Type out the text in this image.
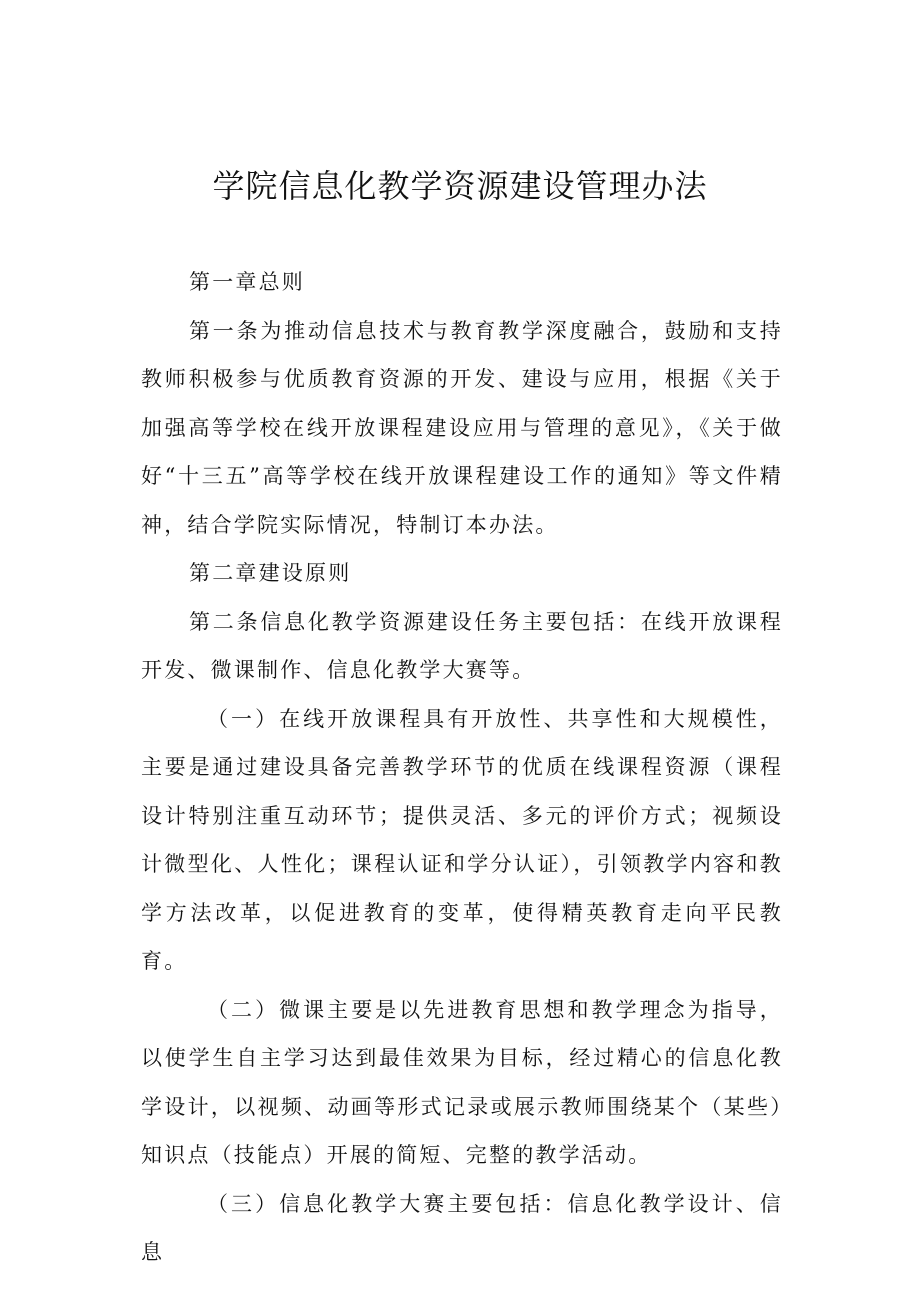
学院信息化教学资源建设管理办法

第一章总则

第一条为推动信息技术与教育教学深度融合，鼓励和支持教师积极参与优质教育资源的开发、建设与应用，根据《关于加强高等学校在线开放课程建设应用与管理的意见》，《关于做好“十三五”高等学校在线开放课程建设工作的通知》等文件精神，结合学院实际情况，特制订本办法。

第二章建设原则

第二条信息化教学资源建设任务主要包括：在线开放课程开发、微课制作、信息化教学大赛等。

（一）在线开放课程具有开放性、共享性和大规模性，主要是通过建设具备完善教学环节的优质在线课程资源（课程设计特别注重互动环节；提供灵活、多元的评价方式；视频设计微型化、人性化；课程认证和学分认证），引领教学内容和教学方法改革，以促进教育的变革，使得精英教育走向平民教育。

（二）微课主要是以先进教育思想和教学理念为指导，以使学生自主学习达到最佳效果为目标，经过精心的信息化教学设计，以视频、动画等形式记录或展示教师围绕某个（某些）知识点（技能点）开展的简短、完整的教学活动。

（三）信息化教学大赛主要包括：信息化教学设计、信息
